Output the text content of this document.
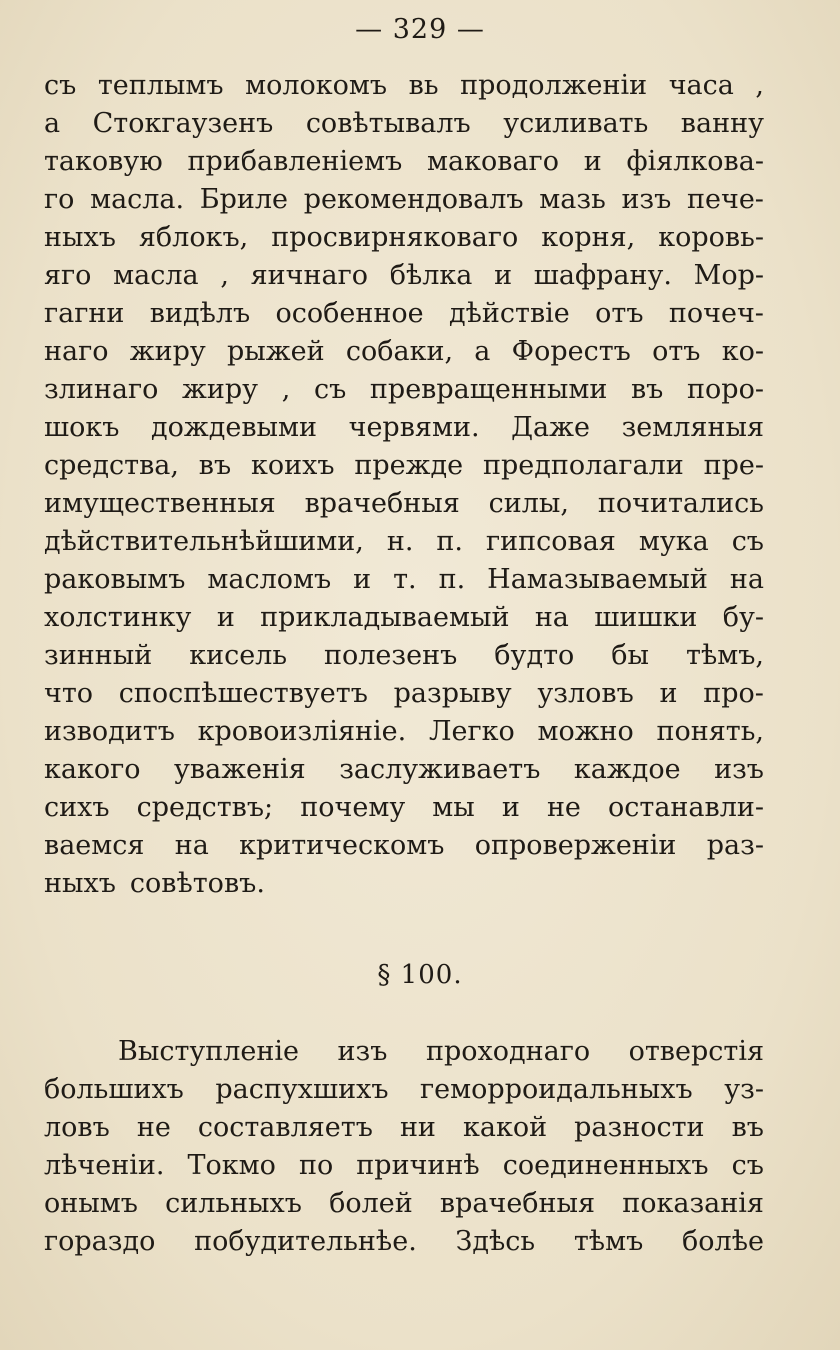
— 329 —
съ теплымъ молокомъ вь продолженіи часа ,
а Стокгаузенъ совѣтывалъ усиливать ванну
таковую прибавленіемъ маковаго и фіялкова-
го масла. Бриле рекомендовалъ мазь изъ пече-
ныхъ яблокъ, просвирняковаго корня, коровь-
яго масла , яичнаго бѣлка и шафрану. Мор-
гагни видѣлъ особенное дѣйствіе отъ почеч-
наго жиру рыжей собаки, а Форестъ отъ ко-
злинаго жиру , съ превращенными въ поро-
шокъ дождевыми червями. Даже земляныя
средства, въ коихъ прежде предполагали пре-
имущественныя врачебныя силы, почитались
дѣйствительнѣйшими, н. п. гипсовая мука съ
раковымъ масломъ и т. п. Намазываемый на
холстинку и прикладываемый на шишки бу-
зинный кисель полезенъ будто бы тѣмъ,
что споспѣшествуетъ разрыву узловъ и про-
изводитъ кровоизліяніе. Легко можно понять,
какого уваженія заслуживаетъ каждое изъ
сихъ средствъ; почему мы и не останавли-
ваемся на критическомъ опроверженіи раз-
ныхъ совѣтовъ.
§ 100.
Выступленіе изъ проходнаго отверстія
большихъ распухшихъ геморроидальныхъ уз-
ловъ не составляетъ ни какой разности въ
лѣченіи. Токмо по причинѣ соединенныхъ съ
онымъ сильныхъ болей врачебныя показанія
гораздо побудительнѣе. Здѣсь тѣмъ болѣе
